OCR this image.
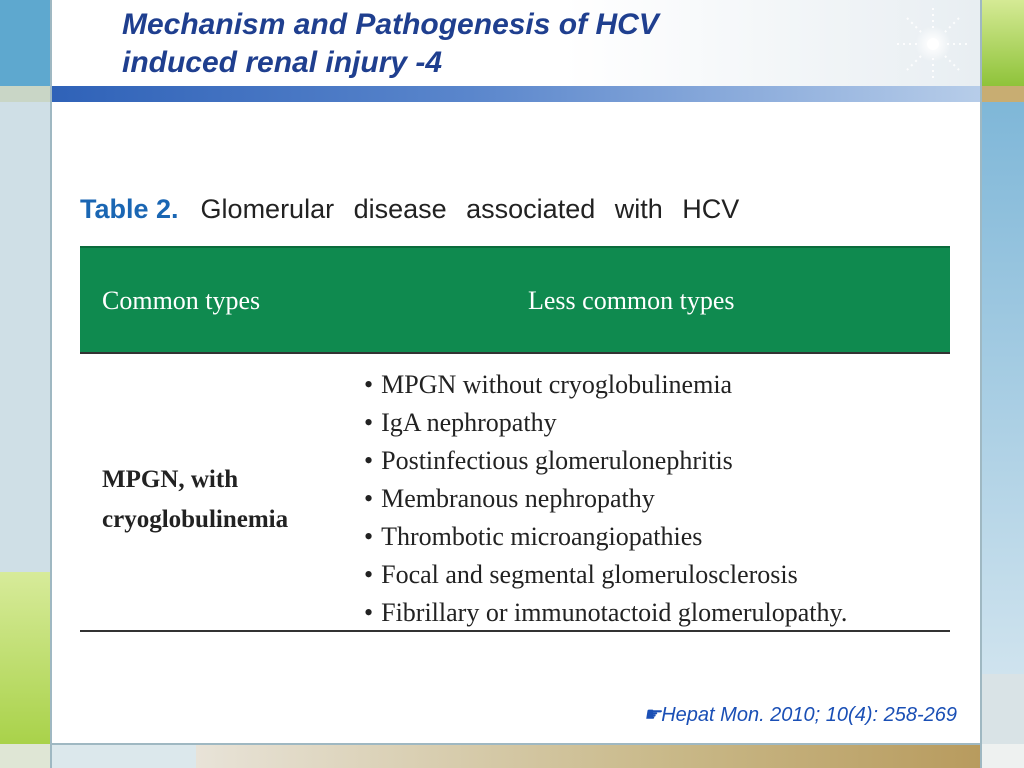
Mechanism and Pathogenesis of HCV
induced renal injury -4
Table 2. Glomerular disease associated with HCV
Common types	Less common types
MPGN, with
cryoglobulinemia
• MPGN without cryoglobulinemia
• IgA nephropathy
• Postinfectious glomerulonephritis
• Membranous nephropathy
• Thrombotic microangiopathies
• Focal and segmental glomerulosclerosis
• Fibrillary or immunotactoid glomerulopathy.
☛Hepat Mon. 2010; 10(4): 258-269
